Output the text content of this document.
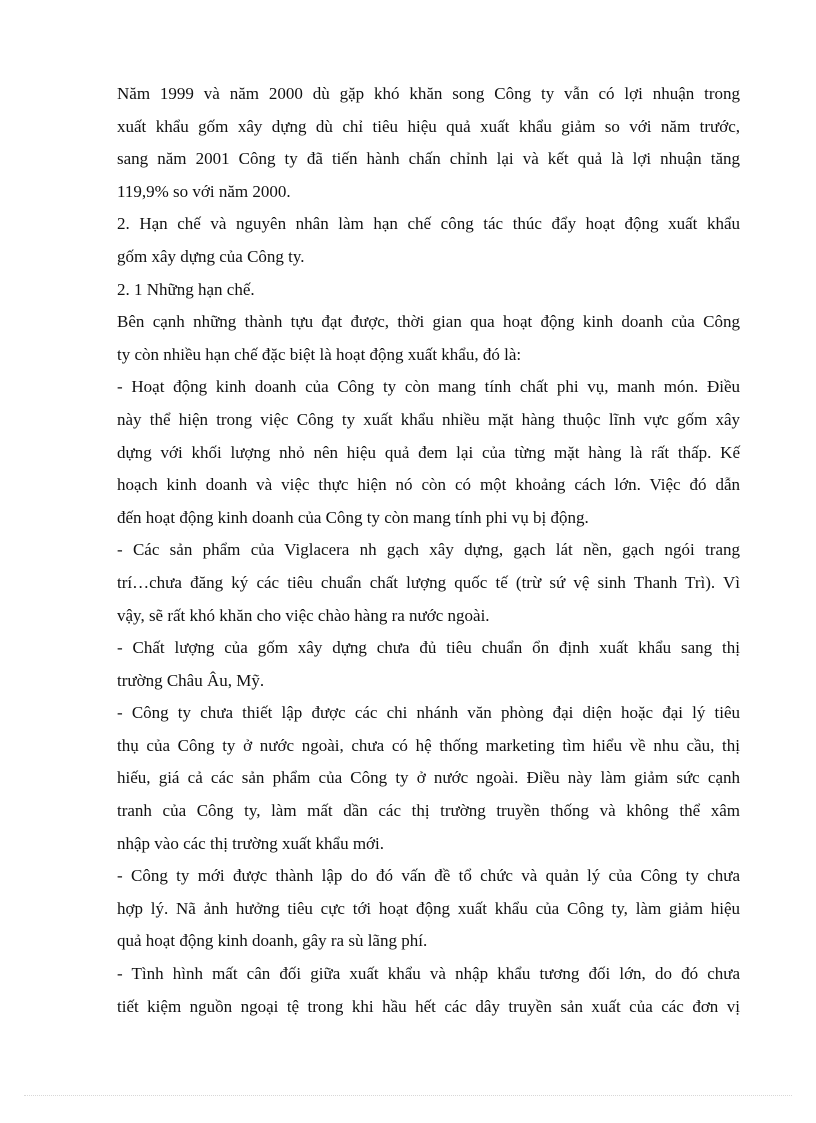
Năm 1999 và năm 2000 dù gặp khó khăn song Công ty vẫn có lợi nhuận trong
xuất khẩu gốm xây dựng dù chỉ tiêu hiệu quả xuất khẩu giảm so với năm trước,
sang năm 2001 Công ty đã tiến hành chấn chỉnh lại và kết quả là lợi nhuận tăng
119,9% so với năm 2000.
2. Hạn chế và nguyên nhân làm hạn chế công tác thúc đẩy hoạt động xuất khẩu
gốm xây dựng của Công ty.
2. 1 Những hạn chế.
Bên cạnh những thành tựu đạt được, thời gian qua hoạt động kinh doanh của Công
ty còn nhiều hạn chế đặc biệt là hoạt động xuất khẩu, đó là:
- Hoạt động kinh doanh của Công ty còn mang tính chất phi vụ, manh món. Điều
này thể hiện trong việc Công ty xuất khẩu nhiều mặt hàng thuộc lĩnh vực gốm xây
dựng với khối lượng nhỏ nên hiệu quả đem lại của từng mặt hàng là rất thấp. Kế
hoạch kinh doanh và việc thực hiện nó còn có một khoảng cách lớn. Việc đó dẫn
đến hoạt động kinh doanh của Công ty còn mang tính phi vụ bị động.
- Các sản phẩm của Viglacera nh gạch xây dựng, gạch lát nền, gạch ngói trang
trí…chưa đăng ký các tiêu chuẩn chất lượng quốc tế (trừ sứ vệ sinh Thanh Trì). Vì
vậy, sẽ rất khó khăn cho việc chào hàng ra nước ngoài.
- Chất lượng của gốm xây dựng chưa đủ tiêu chuẩn ổn định xuất khẩu sang thị
trường Châu Âu, Mỹ.
- Công ty chưa thiết lập được các chi nhánh văn phòng đại diện hoặc đại lý tiêu
thụ của Công ty ở nước ngoài, chưa có hệ thống marketing tìm hiểu về nhu cầu, thị
hiếu, giá cả các sản phẩm của Công ty ở nước ngoài. Điều này làm giảm sức cạnh
tranh của Công ty, làm mất dần các thị trường truyền thống và không thể xâm
nhập vào các thị trường xuất khẩu mới.
- Công ty mới được thành lập do đó vấn đề tổ chức và quản lý của Công ty chưa
hợp lý. Nã ảnh hưởng tiêu cực tới hoạt động xuất khẩu của Công ty, làm giảm hiệu
quả hoạt động kinh doanh, gây ra sù lãng phí.
- Tình hình mất cân đối giữa xuất khẩu và nhập khẩu tương đối lớn, do đó chưa
tiết kiệm nguồn ngoại tệ trong khi hầu hết các dây truyền sản xuất của các đơn vị
